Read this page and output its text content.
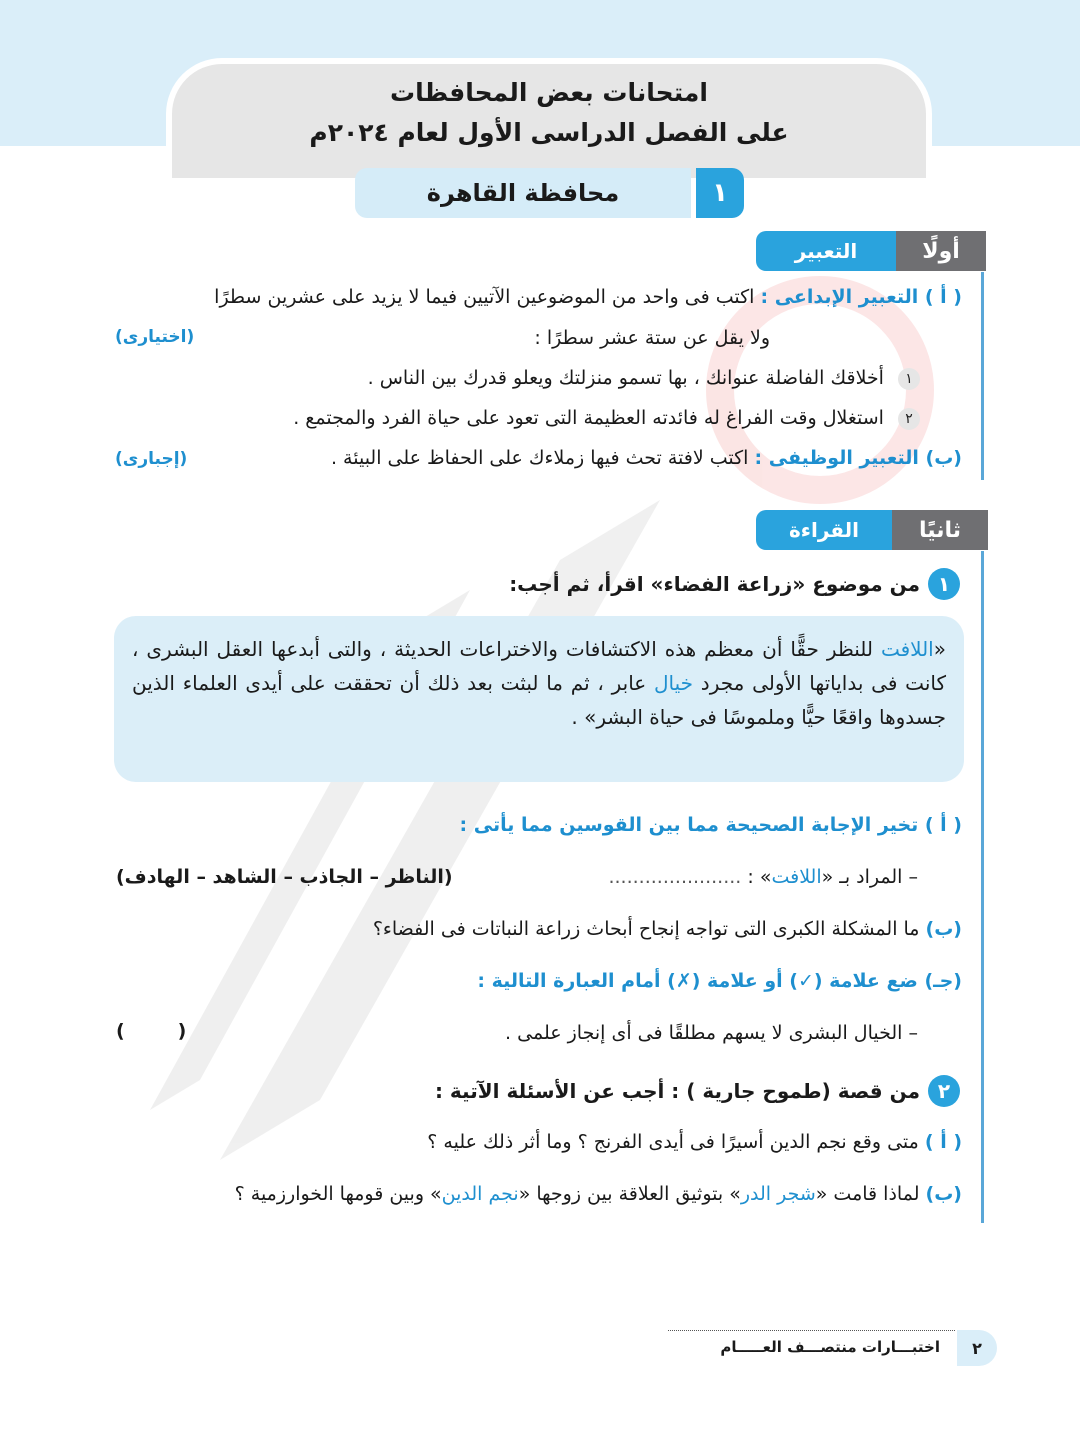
امتحانات بعض المحافظات
على الفصل الدراسى الأول لعام ٢٠٢٤م
١
محافظة القاهرة
أولًا
التعبير
( أ ) التعبير الإبداعى : اكتب فى واحد من الموضوعين الآتيين فيما لا يزيد على عشرين سطرًا
ولا يقل عن ستة عشر سطرًا :
(اختيارى)
١ أخلاقك الفاضلة عنوانك ، بها تسمو منزلتك ويعلو قدرك بين الناس .
٢ استغلال وقت الفراغ له فائدته العظيمة التى تعود على حياة الفرد والمجتمع .
(ب) التعبير الوظيفى : اكتب لافتة تحث فيها زملاءك على الحفاظ على البيئة .
(إجبارى)
ثانيًا
القراءة
١
من موضوع «زراعة الفضاء» اقرأ، ثم أجب:

«اللافت للنظر حقًّا أن معظم هذه الاكتشافات والاختراعات الحديثة ، والتى أبدعها العقل البشرى ، كانت فى بداياتها الأولى مجرد خيال عابر ، ثم ما لبثت بعد ذلك أن تحققت على أيدى العلماء الذين جسدوها واقعًا حيًّا وملموسًا فى حياة البشر» .

( أ ) تخير الإجابة الصحيحة مما بين القوسين مما يأتى :
– المراد بـ «اللافت» : ......................
(الناظر – الجاذب – الشاهد – الهادف)
(ب) ما المشكلة الكبرى التى تواجه إنجاح أبحاث زراعة النباتات فى الفضاء؟
(جـ) ضع علامة (✓) أو علامة (✗) أمام العبارة التالية :
– الخيال البشرى لا يسهم مطلقًا فى أى إنجاز علمى .
(        )
٢
من قصة (طموح جارية ) : أجب عن الأسئلة الآتية :
( أ ) متى وقع نجم الدين أسيرًا فى أيدى الفرنج ؟ وما أثر ذلك عليه ؟
(ب) لماذا قامت «شجر الدر» بتوثيق العلاقة بين زوجها «نجم الدين» وبين قومها الخوارزمية ؟
اختبـــارات منتصـــف العـــــام	٢
